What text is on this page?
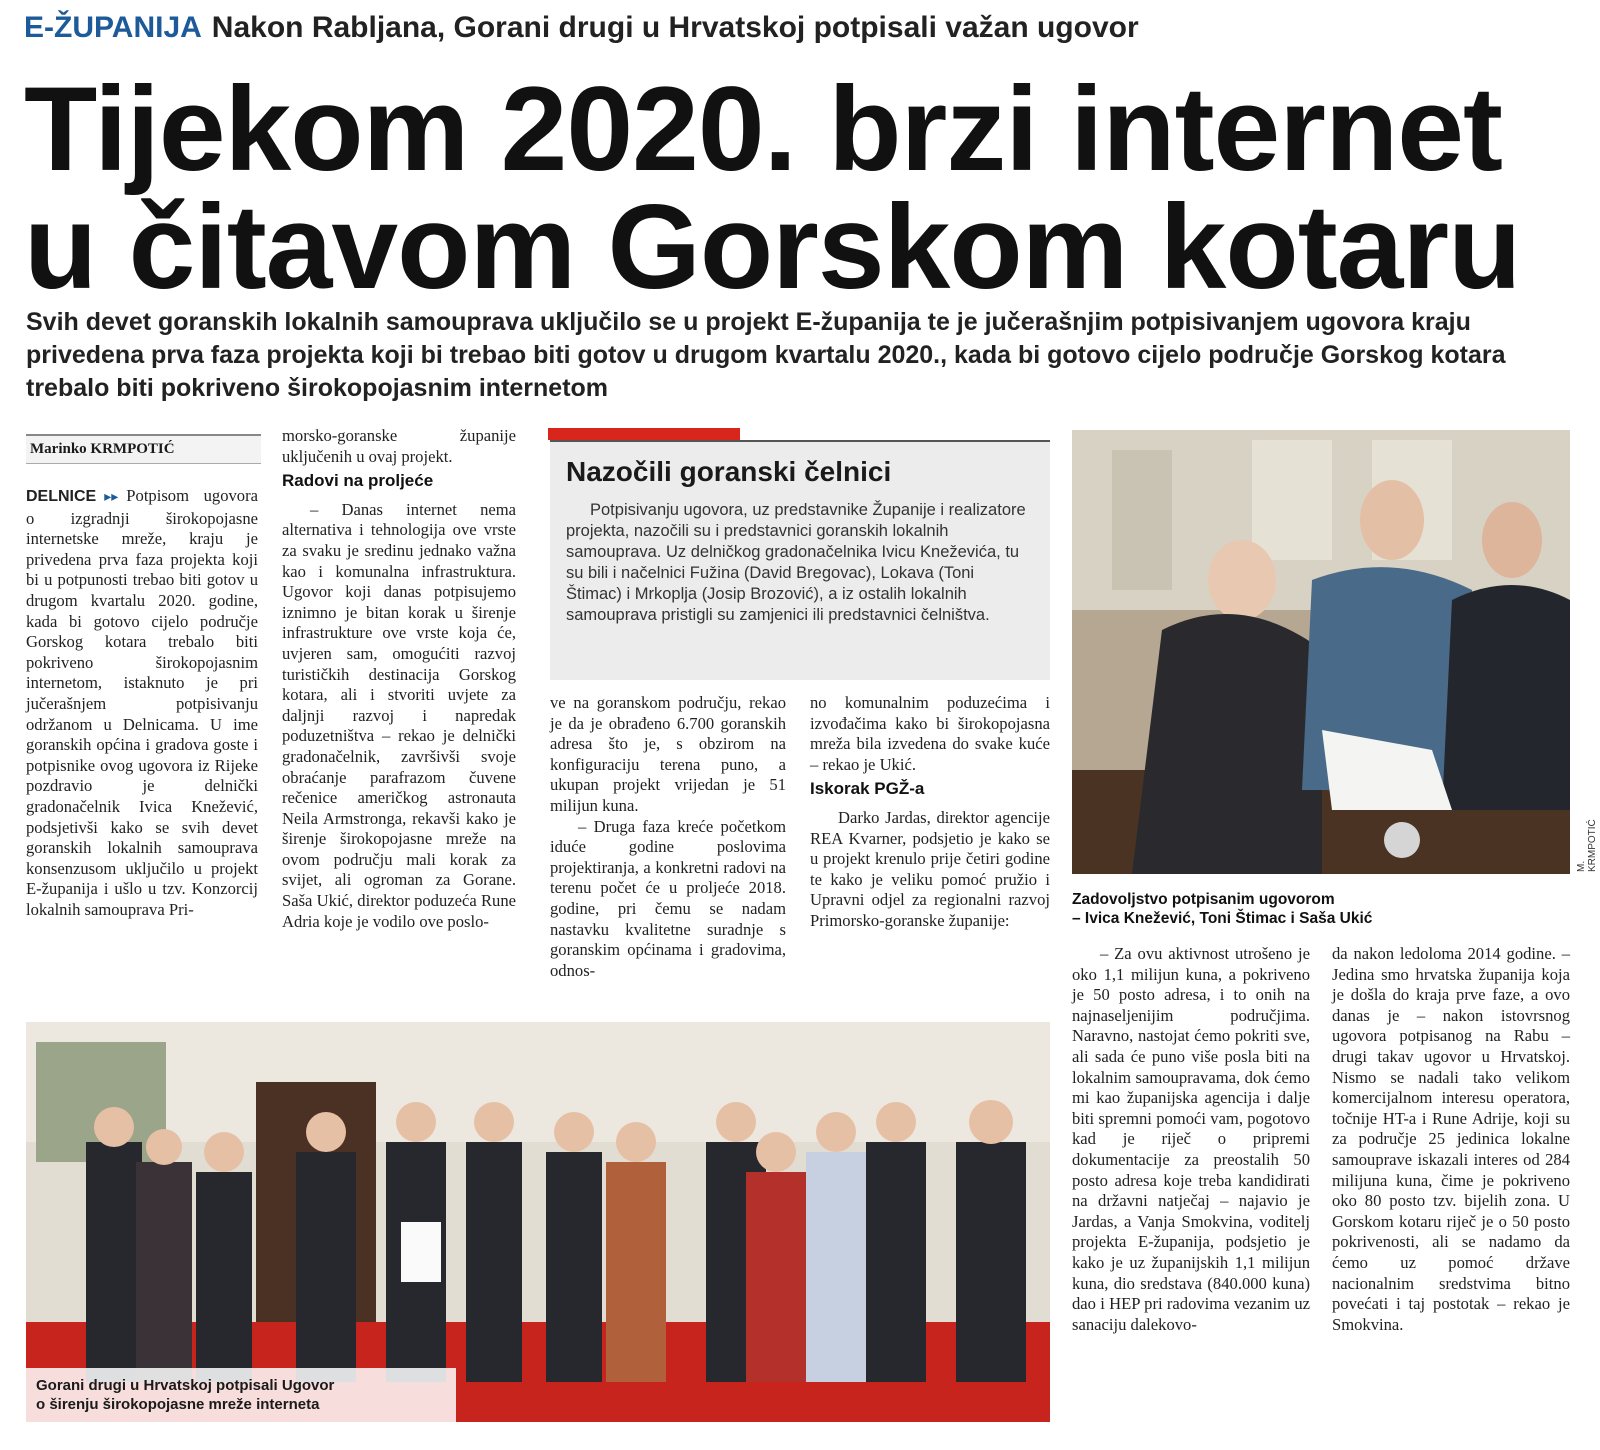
E-ŽUPANIJA Nakon Rabljana, Gorani drugi u Hrvatskoj potpisali važan ugovor
Tijekom 2020. brzi internet u čitavom Gorskom kotaru
Svih devet goranskih lokalnih samouprava uključilo se u projekt E-županija te je jučerašnjim potpisivanjem ugovora kraju privedena prva faza projekta koji bi trebao biti gotov u drugom kvartalu 2020., kada bi gotovo cijelo područje Gorskog kotara trebalo biti pokriveno širokopojasnim internetom
Marinko KRMPOTIĆ

DELNICE ▸▸ Potpisom ugovora o izgradnji širokopojasne internetske mreže, kraju je privedena prva faza projekta koji bi u potpunosti trebao biti gotov u drugom kvartalu 2020. godine, kada bi gotovo cijelo područje Gorskog kotara trebalo biti pokriveno širokopojasnim internetom, istaknuto je pri jučerašnjem potpisivanju održanom u Delnicama. U ime goranskih općina i gradova goste i potpisnike ovog ugovora iz Rijeke pozdravio je delnički gradonačelnik Ivica Knežević, podsjetivši kako se svih devet goranskih lokalnih samouprava konsenzusom uključilo u projekt E-županija i ušlo u tzv. Konzorcij lokalnih samouprava Pri-

morsko-goranske županije uključenih u ovaj projekt.

Radovi na proljeće

– Danas internet nema alternativa i tehnologija ove vrste za svaku je sredinu jednako važna kao i komunalna infrastruktura. Ugovor koji danas potpisujemo iznimno je bitan korak u širenje infrastrukture ove vrste koja će, uvjeren sam, omogućiti razvoj turističkih destinacija Gorskog kotara, ali i stvoriti uvjete za daljnji razvoj i napredak poduzetništva – rekao je delnički gradonačelnik, završivši svoje obraćanje parafrazom čuvene rečenice američkog astronauta Neila Armstronga, rekavši kako je širenje širokopojasne mreže na ovom području mali korak za svijet, ali ogroman za Gorane. Saša Ukić, direktor poduzeća Rune Adria koje je vodilo ove poslo-

Nazočili goranski čelnici

Potpisivanju ugovora, uz predstavnike Županije i realizatore projekta, nazočili su i predstavnici goranskih lokalnih samouprava. Uz delničkog gradonačelnika Ivicu Kneževića, tu su bili i načelnici Fužina (David Bregovac), Lokava (Toni Štimac) i Mrkoplja (Josip Brozović), a iz ostalih lokalnih samouprava pristigli su zamjenici ili predstavnici čelništva.

ve na goranskom području, rekao je da je obrađeno 6.700 goranskih adresa što je, s obzirom na konfiguraciju terena puno, a ukupan projekt vrijedan je 51 milijun kuna.

– Druga faza kreće početkom iduće godine poslovima projektiranja, a konkretni radovi na terenu počet će u proljeće 2018. godine, pri čemu se nadam nastavku kvalitetne suradnje s goranskim općinama i gradovima, odnos-

no komunalnim poduzećima i izvođačima kako bi širokopojasna mreža bila izvedena do svake kuće – rekao je Ukić.

Iskorak PGŽ-a

Darko Jardas, direktor agencije REA Kvarner, podsjetio je kako se u projekt krenulo prije četiri godine te kako je veliku pomoć pružio i Upravni odjel za regionalni razvoj Primorsko-goranske županije:

M. KRMPOTIĆ
Zadovoljstvo potpisanim ugovorom
– Ivica Knežević, Toni Štimac i Saša Ukić

– Za ovu aktivnost utrošeno je oko 1,1 milijun kuna, a pokriveno je 50 posto adresa, i to onih na najnaseljenijim područjima. Naravno, nastojat ćemo pokriti sve, ali sada će puno više posla biti na lokalnim samoupravama, dok ćemo mi kao županijska agencija i dalje biti spremni pomoći vam, pogotovo kad je riječ o pripremi dokumentacije za preostalih 50 posto adresa koje treba kandidirati na državni natječaj – najavio je Jardas, a Vanja Smokvina, voditelj projekta E-županija, podsjetio je kako je uz županijskih 1,1 milijun kuna, dio sredstava (840.000 kuna) dao i HEP pri radovima vezanim uz sanaciju dalekovo-

da nakon ledoloma 2014 godine. – Jedina smo hrvatska županija koja je došla do kraja prve faze, a ovo danas je – nakon istovrsnog ugovora potpisanog na Rabu – drugi takav ugovor u Hrvatskoj. Nismo se nadali tako velikom komercijalnom interesu operatora, točnije HT-a i Rune Adrije, koji su za područje 25 jedinica lokalne samouprave iskazali interes od 284 milijuna kuna, čime je pokriveno oko 80 posto tzv. bijelih zona. U Gorskom kotaru riječ je o 50 posto pokrivenosti, ali se nadamo da ćemo uz pomoć države nacionalnim sredstvima bitno povećati i taj postotak – rekao je Smokvina.

Gorani drugi u Hrvatskoj potpisali Ugovor
o širenju širokopojasne mreže interneta
